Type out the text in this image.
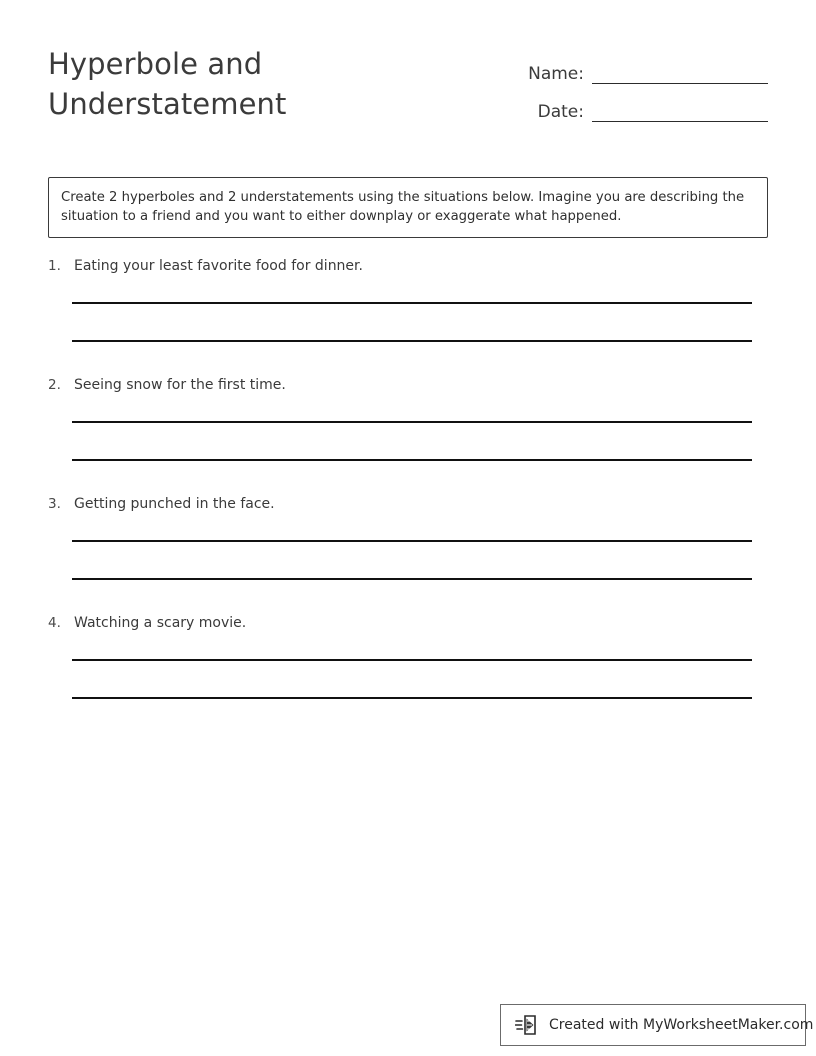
Hyperbole and
Understatement
Name:
Date:
Create 2 hyperboles and 2 understatements using the situations below. Imagine you are describing the situation to a friend and you want to either downplay or exaggerate what happened.
1. Eating your least favorite food for dinner.
2. Seeing snow for the first time.
3. Getting punched in the face.
4. Watching a scary movie.
Created with MyWorksheetMaker.com
